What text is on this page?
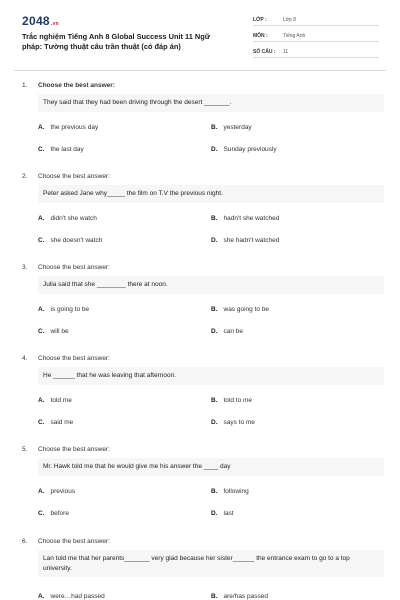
2048.vn
Trắc nghiệm Tiếng Anh 8 Global Success Unit 11 Ngữ pháp: Tường thuật câu trần thuật (có đáp án)
LỚP :	Lớp 8
MÔN :	Tiếng Anh
SỐ CÂU :	11
1. Choose the best answer:
They said that they had been driving through the desert _______.
A. the previous day	B. yesterday
C. the last day	D. Sunday previously
2. Choose the best answer:
Peter asked Jane why_____ the film on T.V the previous night.
A. didn't she watch	B. hadn't she watched
C. she doesn't watch	D. she hadn't watched
3. Choose the best answer:
Julia said that she ________ there at noon.
A. is going to be	B. was going to be
C. will be	D. can be
4. Choose the best answer:
He ______ that he was leaving that afternoon.
A. told me	B. told to me
C. said me	D. says to me
5. Choose the best answer:
Mr. Hawk told me that he would give me his answer the ____ day
A. previous	B. following
C. before	D. last
6. Choose the best answer:
Lan told me that her parents_______ very glad because her sister______ the entrance exam to go to a top university.
A. were…had passed	B. are/has passed
